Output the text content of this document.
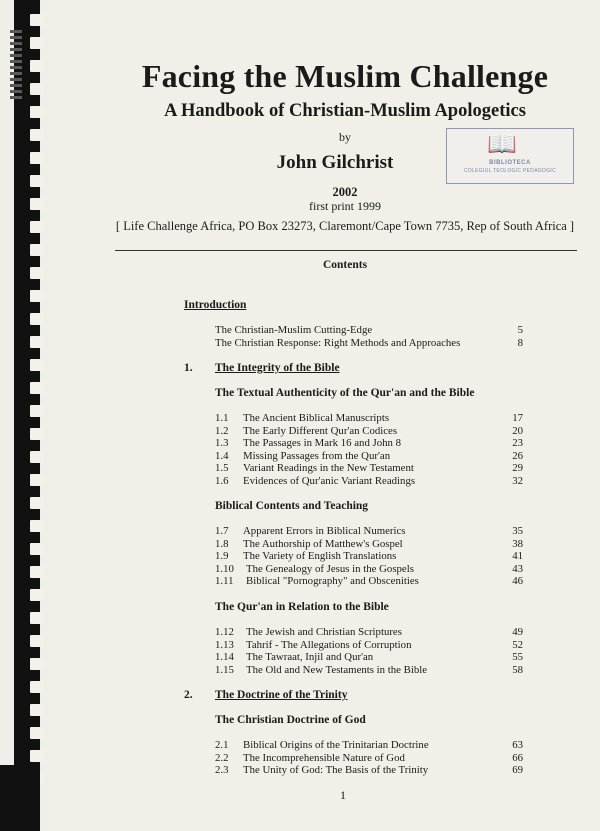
Facing the Muslim Challenge
A Handbook of Christian-Muslim Apologetics
by
John Gilchrist
2002
first print 1999
[ Life Challenge Africa, PO Box 23273, Claremont/Cape Town 7735, Rep of South Africa ]
📖
BIBLIOTECA
COLEGIUL TEOLOGIC PEDAGOGIC
Contents
Introduction
The Christian-Muslim Cutting-Edge	5
The Christian Response: Right Methods and Approaches	8
1. The Integrity of the Bible
The Textual Authenticity of the Qur'an and the Bible
1.1 The Ancient Biblical Manuscripts	17
1.2 The Early Different Qur'an Codices	20
1.3 The Passages in Mark 16 and John 8	23
1.4 Missing Passages from the Qur'an	26
1.5 Variant Readings in the New Testament	29
1.6 Evidences of Qur'anic Variant Readings	32
Biblical Contents and Teaching
1.7 Apparent Errors in Biblical Numerics	35
1.8 The Authorship of Matthew's Gospel	38
1.9 The Variety of English Translations	41
1.10 The Genealogy of Jesus in the Gospels	43
1.11 Biblical "Pornography" and Obscenities	46
The Qur'an in Relation to the Bible
1.12 The Jewish and Christian Scriptures	49
1.13 Tahrif - The Allegations of Corruption	52
1.14 The Tawraat, Injil and Qur'an	55
1.15 The Old and New Testaments in the Bible	58
2. The Doctrine of the Trinity
The Christian Doctrine of God
2.1 Biblical Origins of the Trinitarian Doctrine	63
2.2 The Incomprehensible Nature of God	66
2.3 The Unity of God: The Basis of the Trinity	69
1
